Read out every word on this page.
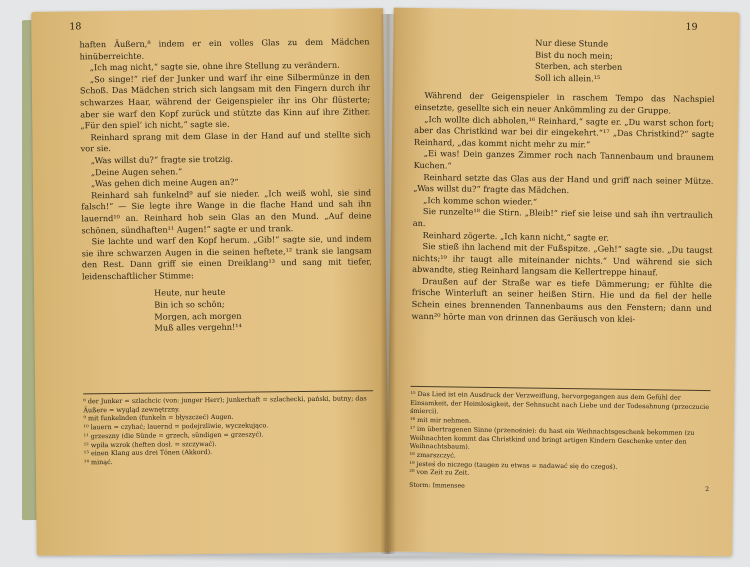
18

haften Äußern,⁸ indem er ein volles Glas zu dem Mädchen hinüberreichte.

„Ich mag nicht,“ sagte sie, ohne ihre Stellung zu verändern.

„So singe!“ rief der Junker und warf ihr eine Silbermünze in den Schoß. Das Mädchen strich sich langsam mit den Fingern durch ihr schwarzes Haar, während der Geigenspieler ihr ins Ohr flüsterte; aber sie warf den Kopf zurück und stützte das Kinn auf ihre Zither. „Für den spiel’ ich nicht,“ sagte sie.

Reinhard sprang mit dem Glase in der Hand auf und stellte sich vor sie.

„Was willst du?“ fragte sie trotzig.

„Deine Augen sehen.“

„Was gehen dich meine Augen an?“

Reinhard sah funkelnd⁹ auf sie nieder. „Ich weiß wohl, sie sind falsch!“ — Sie legte ihre Wange in die flache Hand und sah ihn lauernd¹⁰ an. Reinhard hob sein Glas an den Mund. „Auf deine schönen, sündhaften¹¹ Augen!“ sagte er und trank.

Sie lachte und warf den Kopf herum. „Gib!“ sagte sie, und indem sie ihre schwarzen Augen in die seinen heftete,¹² trank sie langsam den Rest. Dann griff sie einen Dreiklang¹³ und sang mit tiefer, leidenschaftlicher Stimme:

Heute, nur heute
Bin ich so schön;
Morgen, ach morgen
Muß alles vergehn!¹⁴

⁸ der Junker = szlachcic (von: junger Herr); junkerhaft = szlachecki, pański, butny; das Äußere = wygląd zewnętrzny.
⁹ mit funkelnden (funkeln = błyszczeć) Augen.
¹⁰ lauern = czyhać; lauernd = podejrzliwie, wyczekująco.
¹¹ grzeszny (die Sünde = grzech, sündigen = grzeszyć).
¹² wpiła wzrok (heften dosł. = szczywać).
¹³ einen Klang aus drei Tönen (Akkord).
¹⁴ minąć.
19

Nur diese Stunde
Bist du noch mein;
Sterben, ach sterben
Soll ich allein.¹⁵

Während der Geigenspieler in raschem Tempo das Nachspiel einsetzte, gesellte sich ein neuer Ankömmling zu der Gruppe.

„Ich wollte dich abholen,¹⁶ Reinhard,“ sagte er. „Du warst schon fort; aber das Christkind war bei dir eingekehrt.“¹⁷ „Das Christkind?“ sagte Reinhard, „das kommt nicht mehr zu mir.“

„Ei was! Dein ganzes Zimmer roch nach Tannenbaum und braunem Kuchen.“

Reinhard setzte das Glas aus der Hand und griff nach seiner Mütze. „Was willst du?“ fragte das Mädchen.

„Ich komme schon wieder.“

Sie runzelte¹⁸ die Stirn. „Bleib!“ rief sie leise und sah ihn vertraulich an.

Reinhard zögerte. „Ich kann nicht,“ sagte er.

Sie stieß ihn lachend mit der Fußspitze. „Geh!“ sagte sie. „Du taugst nichts;¹⁹ ihr taugt alle miteinander nichts.“ Und während sie sich abwandte, stieg Reinhard langsam die Kellertreppe hinauf.

Draußen auf der Straße war es tiefe Dämmerung; er fühlte die frische Winterluft an seiner heißen Stirn. Hie und da fiel der helle Schein eines brennenden Tannenbaums aus den Fenstern; dann und wann²⁰ hörte man von drinnen das Geräusch von klei-

¹⁵ Das Lied ist ein Ausdruck der Verzweiflung, hervorgegangen aus dem Gefühl der Einsamkeit, der Heimlosigkeit, der Sehnsucht nach Liebe und der Todesahnung (przeczucie śmierci).
¹⁶ mit mir nehmen.
¹⁷ im übertragenen Sinne (przenośnie): du hast ein Weihnachtsgeschenk bekommen (zu Weihnachten kommt das Christkind und bringt artigen Kindern Geschenke unter den Weihnachtsbaum).
¹⁸ zmarszczyć.
¹⁹ jesteś do niczego (taugen zu etwas = nadawać się do czegoś).
²⁰ von Zeit zu Zeit.
Storm: Immensee	2
